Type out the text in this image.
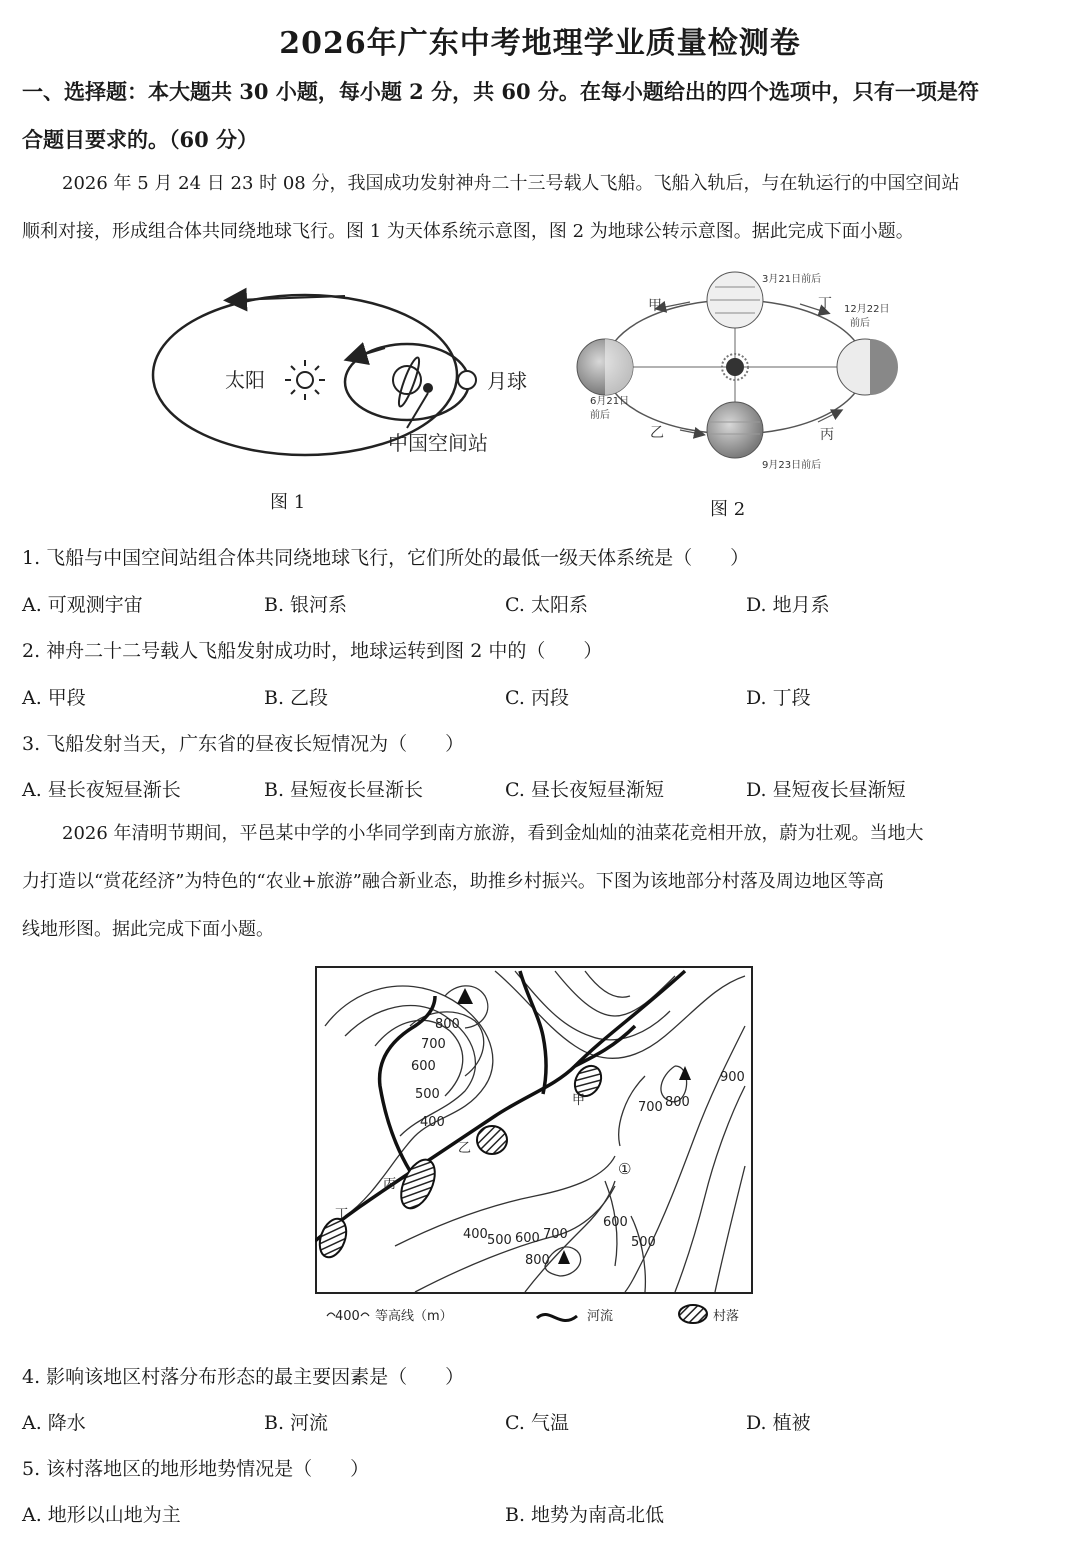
2026年广东中考地理学业质量检测卷
一、选择题：本大题共 30 小题，每小题 2 分，共 60 分。在每小题给出的四个选项中，只有一项是符
合题目要求的。（60 分）
2026 年 5 月 24 日 23 时 08 分，我国成功发射神舟二十三号载人飞船。飞船入轨后，与在轨运行的中国空间站
顺利对接，形成组合体共同绕地球飞行。图 1 为天体系统示意图，图 2 为地球公转示意图。据此完成下面小题。
太阳	月球
中国空间站
图 1
甲	丁
乙	丙
3月21日前后
6月21日
前后
9月23日前后
12月22日
前后
图 2
1. 飞船与中国空间站组合体共同绕地球飞行，它们所处的最低一级天体系统是（　　）
A. 可观测宇宙	B. 银河系	C. 太阳系	D. 地月系
2. 神舟二十二号载人飞船发射成功时，地球运转到图 2 中的（　　）
A. 甲段	B. 乙段	C. 丙段	D. 丁段
3. 飞船发射当天，广东省的昼夜长短情况为（　　）
A. 昼长夜短昼渐长	B. 昼短夜长昼渐长	C. 昼长夜短昼渐短	D. 昼短夜长昼渐短
2026 年清明节期间，平邑某中学的小华同学到南方旅游，看到金灿灿的油菜花竞相开放，蔚为壮观。当地大
力打造以“赏花经济”为特色的“农业+旅游”融合新业态，助推乡村振兴。下图为该地部分村落及周边地区等高
线地形图。据此完成下面小题。
800
700
600
500
400
700 800
900
400 500 600 700
800
600
500
甲
乙
丙
丁
①
400 等高线（m）	河流	村落
4. 影响该地区村落分布形态的最主要因素是（　　）
A. 降水	B. 河流	C. 气温	D. 植被
5. 该村落地区的地形地势情况是（　　）
A. 地形以山地为主	B. 地势为南高北低
